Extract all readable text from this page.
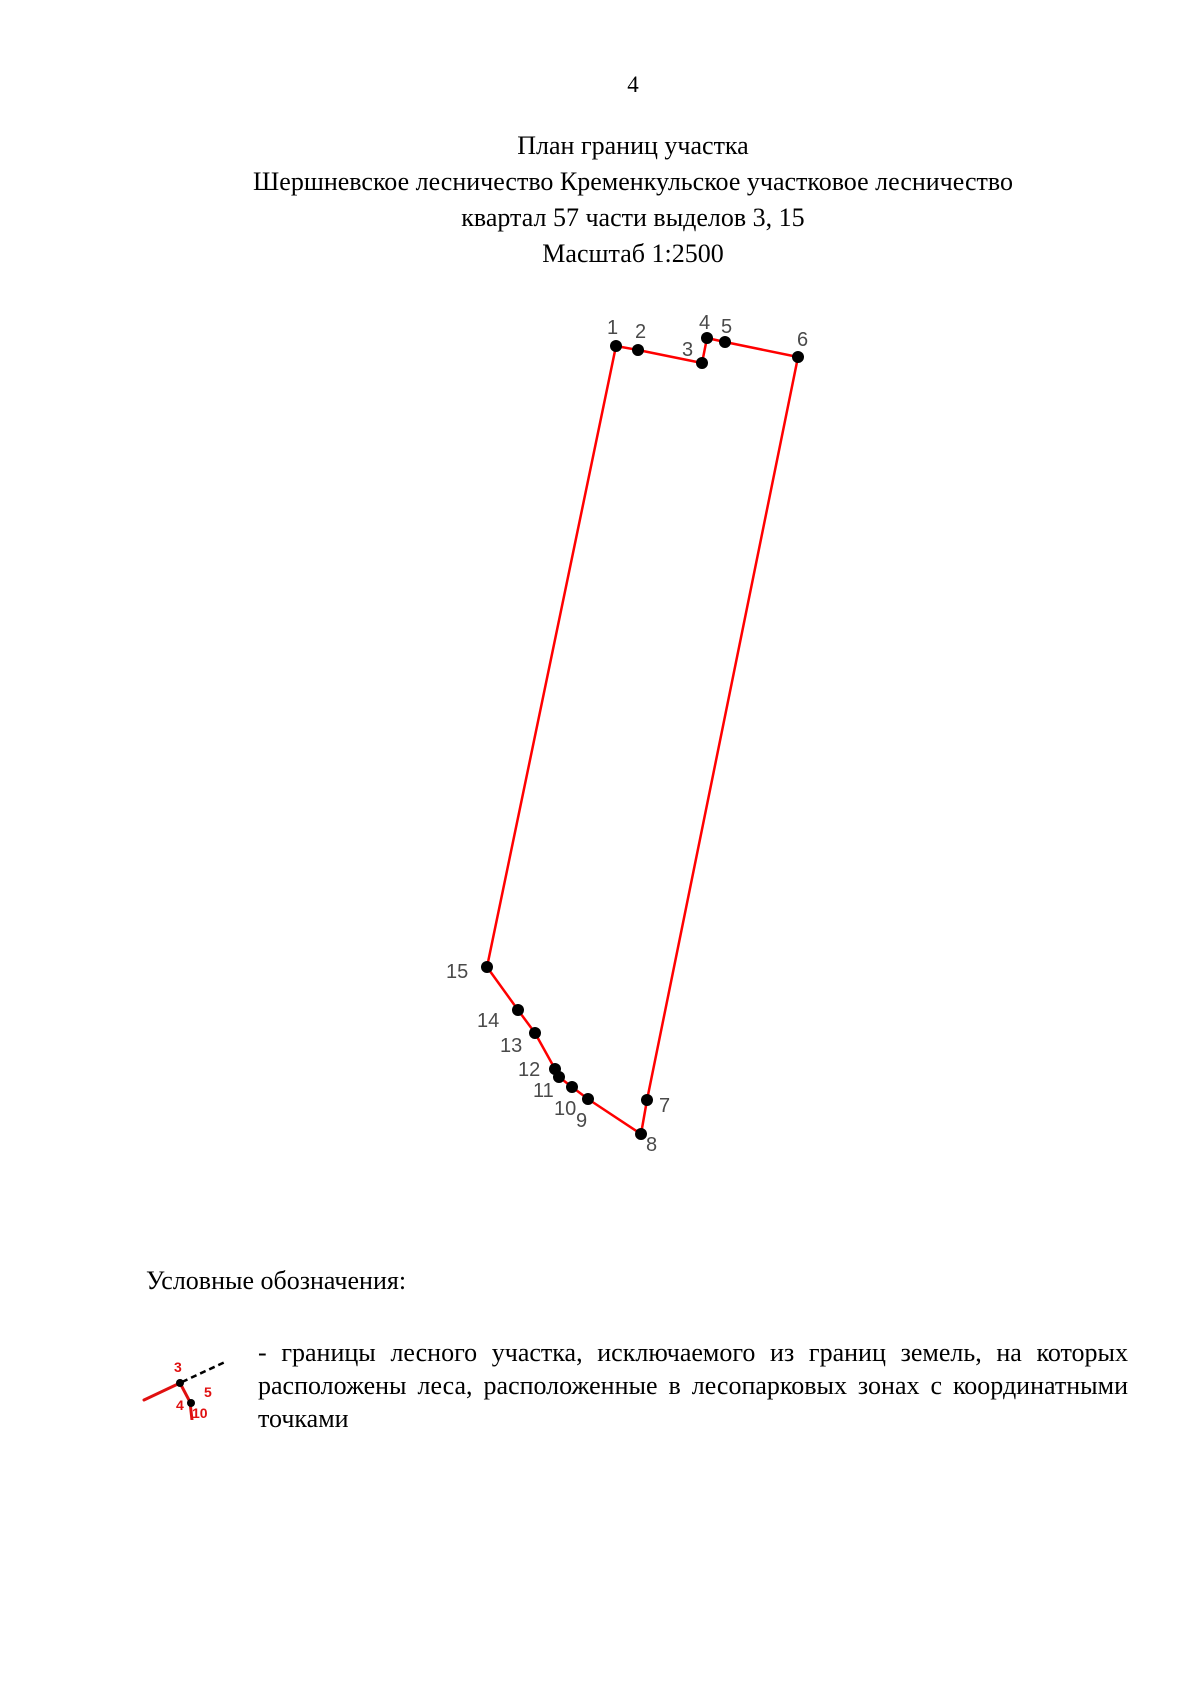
4
План границ участка
Шершневское лесничество Кременкульское участковое лесничество
квартал 57 части выделов 3, 15
Масштаб 1:2500
1 2
3
4 5
6
7
8
9
10
11
12
13
14
15
Условные обозначения:
3
5
4 10
- границы лесного участка, исключаемого из границ земель, на которых расположены леса, расположенные в лесопарковых зонах с координатными точками
